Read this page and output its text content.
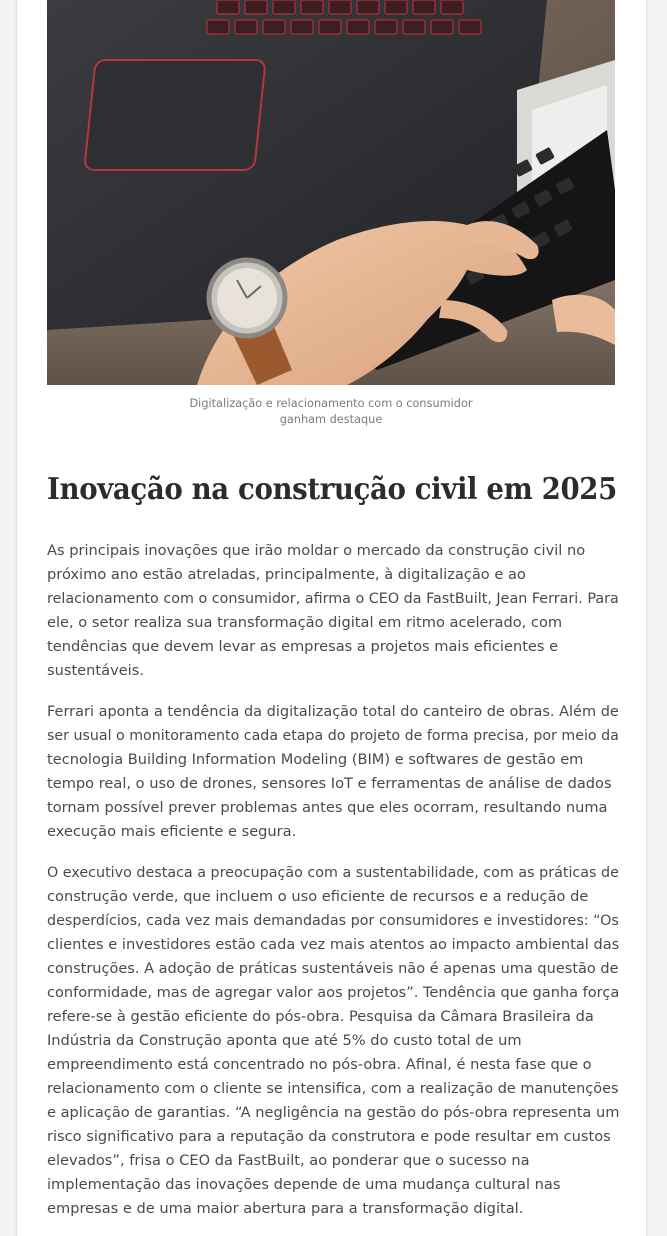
Digitalização e relacionamento com o consumidor
ganham destaque
Inovação na construção civil em 2025

As principais inovações que irão moldar o mercado da construção civil no
próximo ano estão atreladas, principalmente, à digitalização e ao
relacionamento com o consumidor, afirma o CEO da FastBuilt, Jean Ferrari. Para
ele, o setor realiza sua transformação digital em ritmo acelerado, com
tendências que devem levar as empresas a projetos mais eficientes e
sustentáveis.

Ferrari aponta a tendência da digitalização total do canteiro de obras. Além de
ser usual o monitoramento cada etapa do projeto de forma precisa, por meio da
tecnologia Building Information Modeling (BIM) e softwares de gestão em
tempo real, o uso de drones, sensores IoT e ferramentas de análise de dados
tornam possível prever problemas antes que eles ocorram, resultando numa
execução mais eficiente e segura.

O executivo destaca a preocupação com a sustentabilidade, com as práticas de
construção verde, que incluem o uso eficiente de recursos e a redução de
desperdícios, cada vez mais demandadas por consumidores e investidores: “Os
clientes e investidores estão cada vez mais atentos ao impacto ambiental das
construções. A adoção de práticas sustentáveis não é apenas uma questão de
conformidade, mas de agregar valor aos projetos”. Tendência que ganha força
refere-se à gestão eficiente do pós-obra. Pesquisa da Câmara Brasileira da
Indústria da Construção aponta que até 5% do custo total de um
empreendimento está concentrado no pós-obra. Afinal, é nesta fase que o
relacionamento com o cliente se intensifica, com a realização de manutenções
e aplicação de garantias. “A negligência na gestão do pós-obra representa um
risco significativo para a reputação da construtora e pode resultar em custos
elevados”, frisa o CEO da FastBuilt, ao ponderar que o sucesso na
implementação das inovações depende de uma mudança cultural nas
empresas e de uma maior abertura para a transformação digital.
